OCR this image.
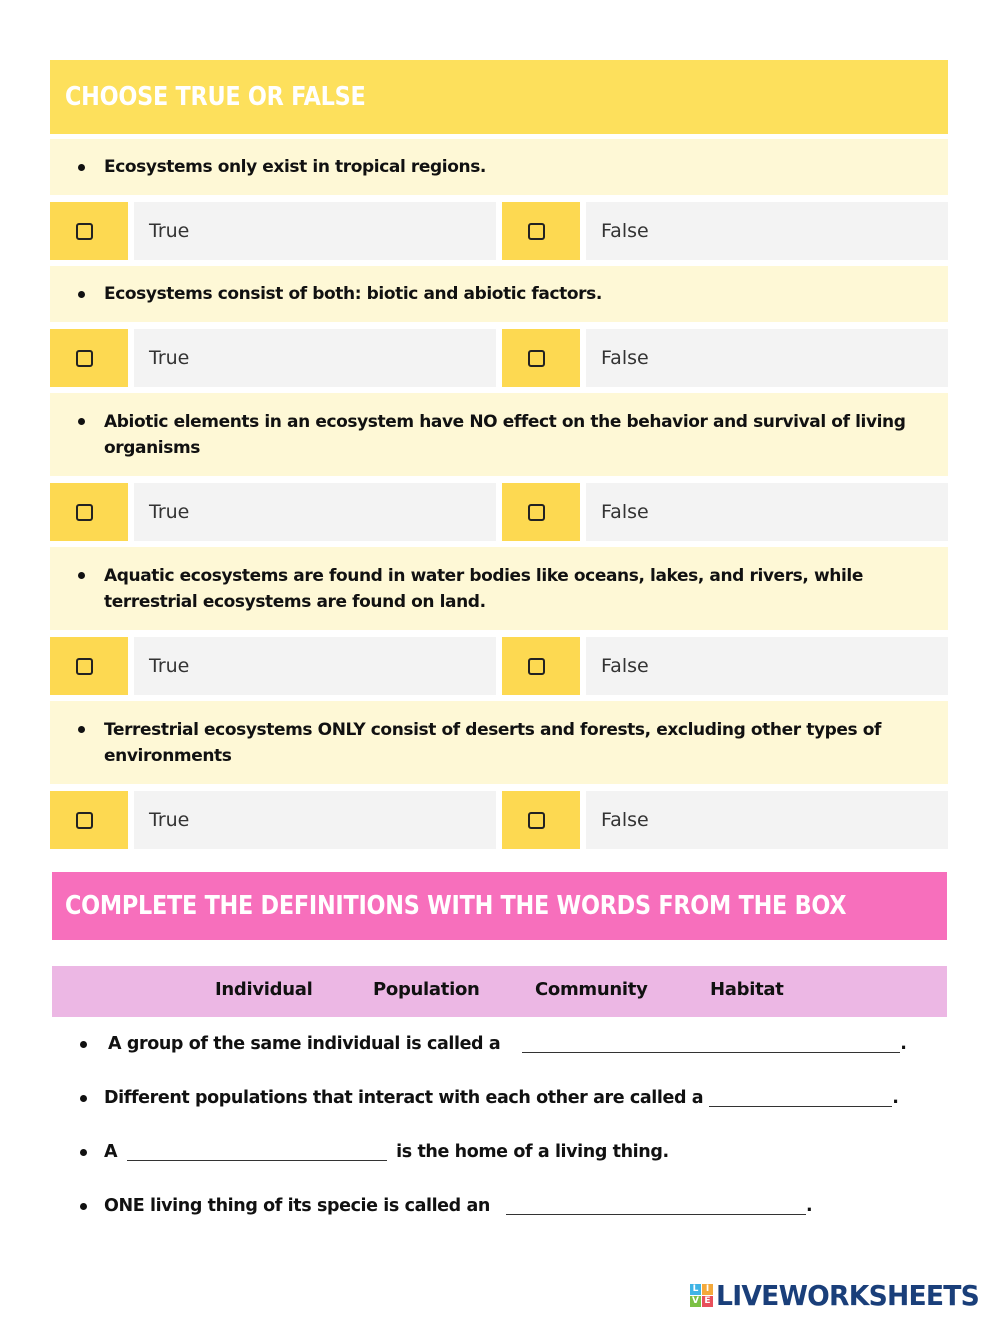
CHOOSE TRUE OR FALSE
Ecosystems only exist in tropical regions.
True	False
Ecosystems consist of both: biotic and abiotic factors.
True	False
Abiotic elements in an ecosystem have NO effect on the behavior and survival of living organisms
True	False
Aquatic ecosystems are found in water bodies like oceans, lakes, and rivers, while terrestrial ecosystems are found on land.
True	False
Terrestrial ecosystems ONLY consist of deserts and forests, excluding other types of environments
True	False
COMPLETE THE DEFINITIONS WITH THE WORDS FROM THE BOX
Individual	Population	Community	Habitat
A group of the same individual is called a	.
Different populations that interact with each other are called a	.
A	is the home of a living thing.
ONE living thing of its specie is called an	.
L I
V E LIVEWORKSHEETS
